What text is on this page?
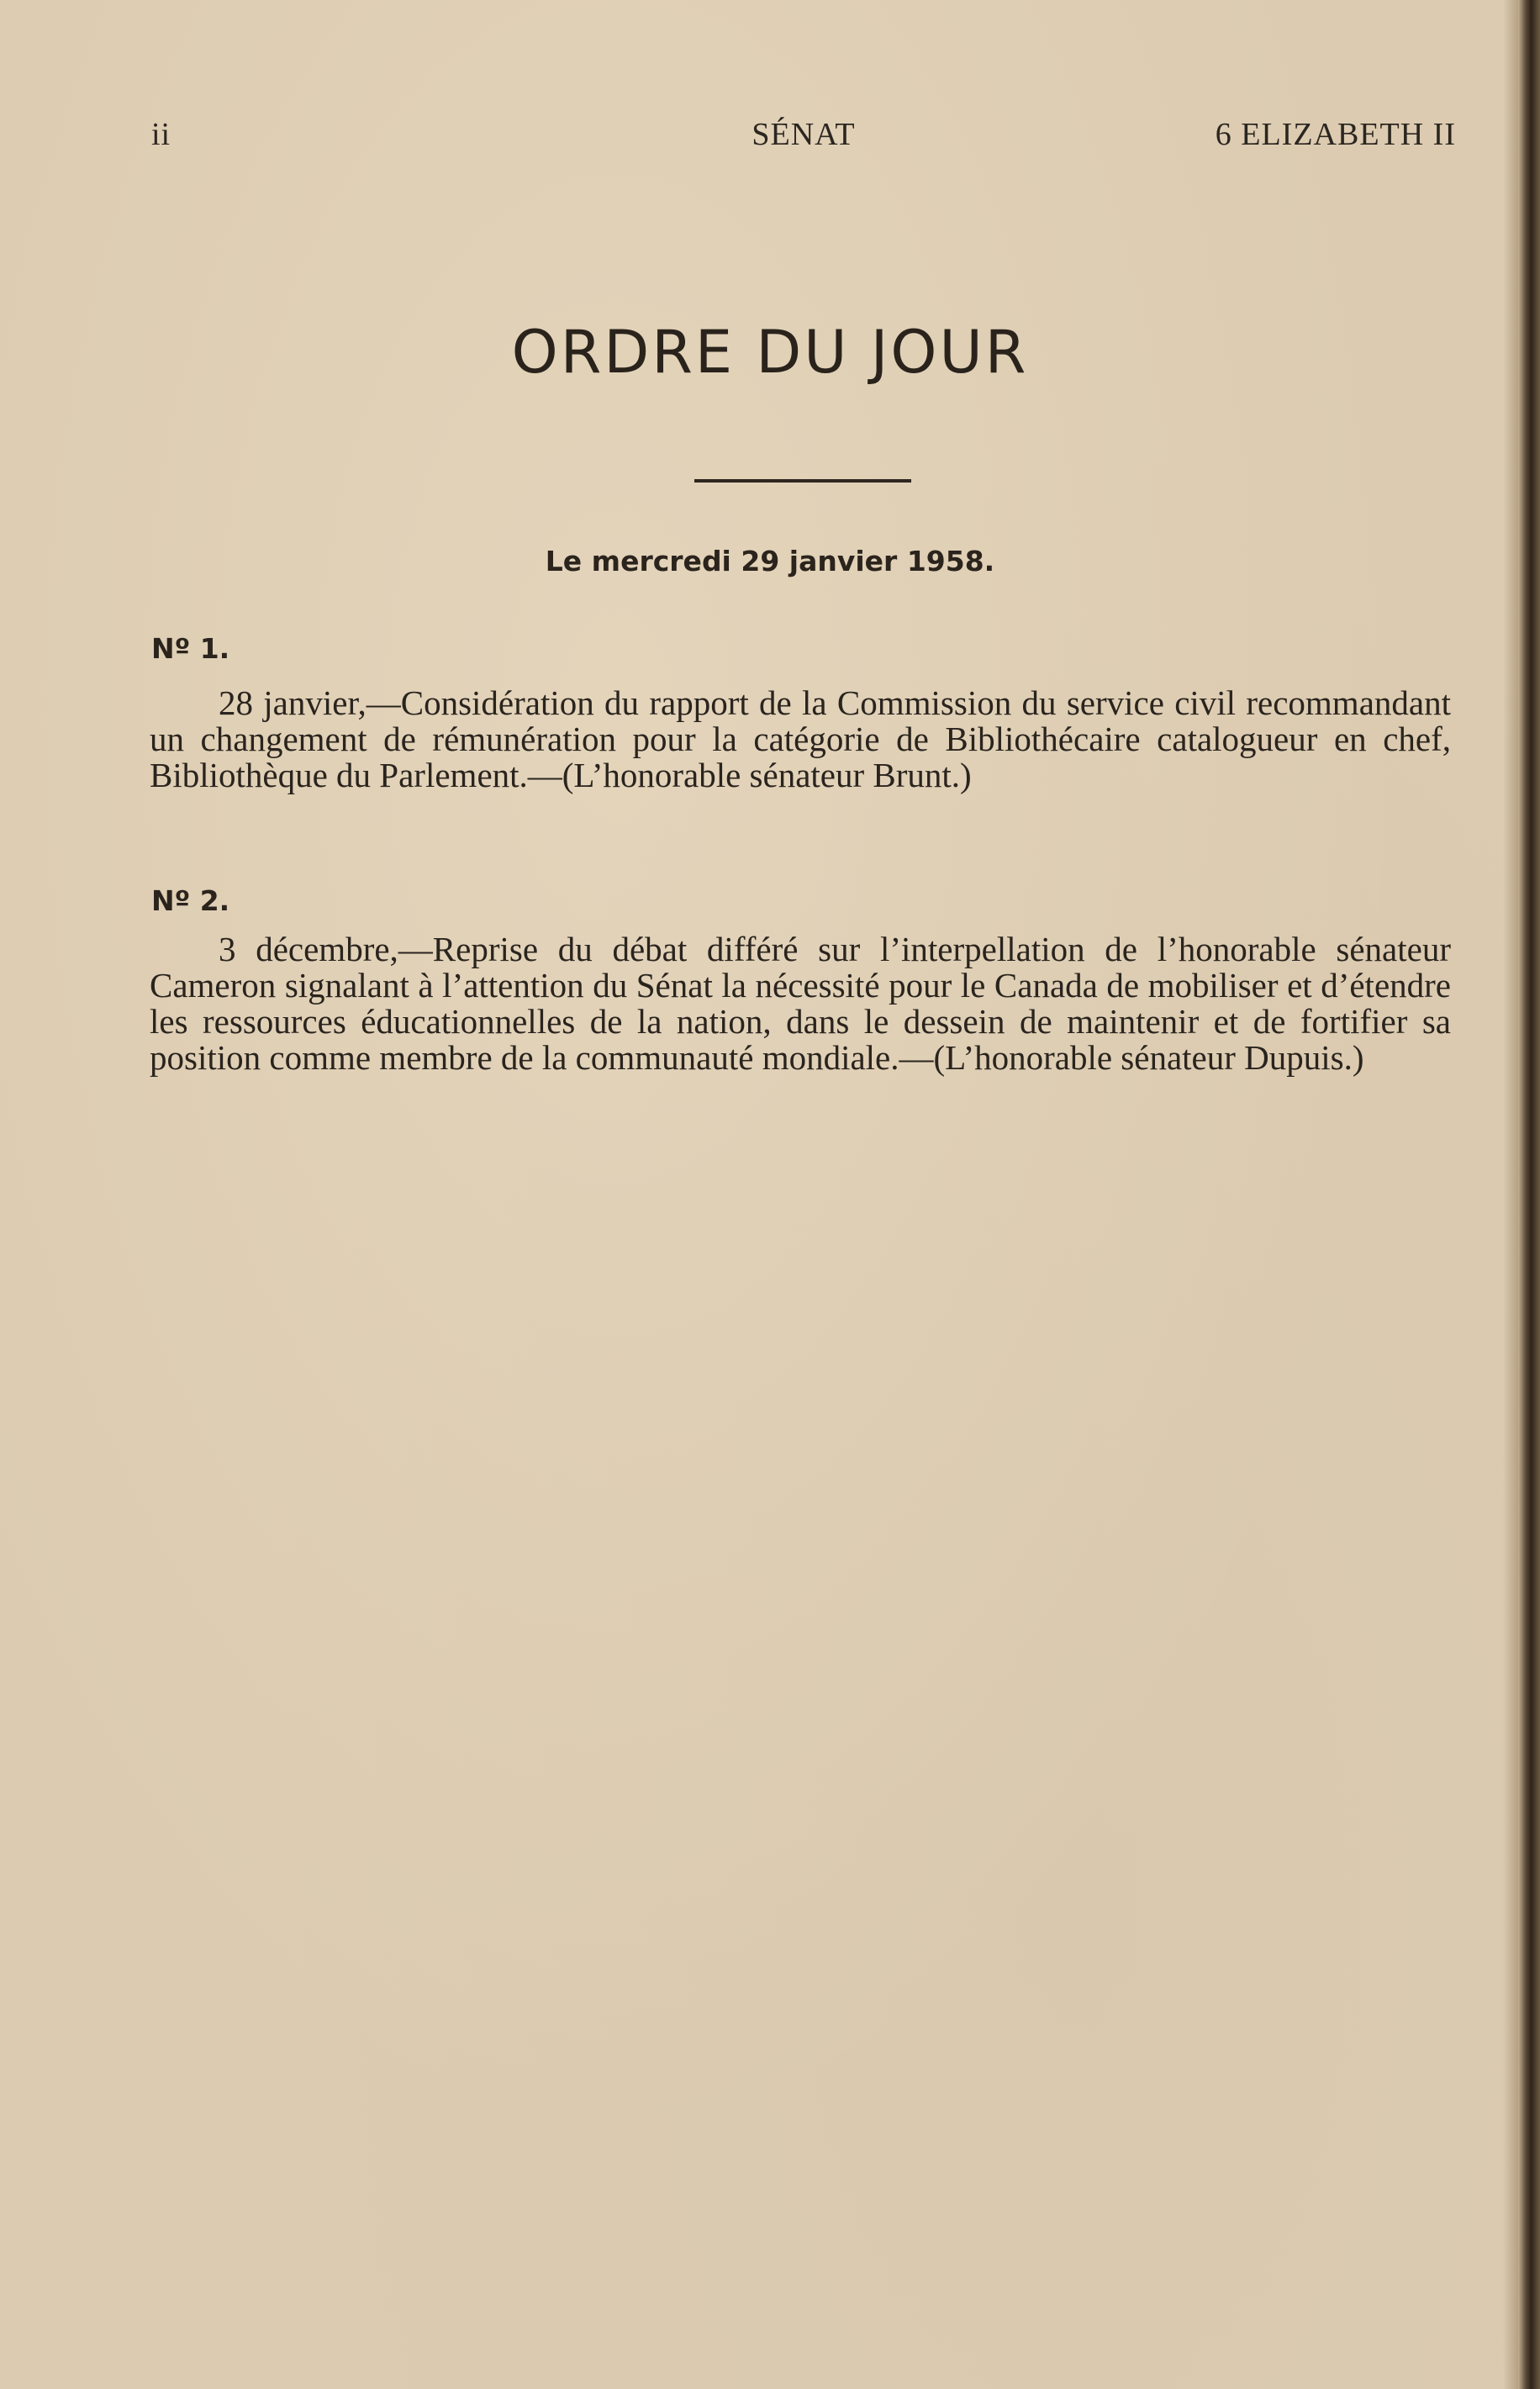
ii	SÉNAT	6 ELIZABETH II
ORDRE DU JOUR
Le mercredi 29 janvier 1958.
Nº 1.
28 janvier,—Considération du rapport de la Commission du service civil recommandant un changement de rémunération pour la catégorie de Bibliothécaire catalogueur en chef, Bibliothèque du Parlement.—(L’honorable sénateur Brunt.)
Nº 2.
3 décembre,—Reprise du débat différé sur l’interpellation de l’honorable sénateur Cameron signalant à l’attention du Sénat la nécessité pour le Canada de mobiliser et d’étendre les ressources éducationnelles de la nation, dans le dessein de maintenir et de fortifier sa position comme membre de la communauté mondiale.—(L’honorable sénateur Dupuis.)
